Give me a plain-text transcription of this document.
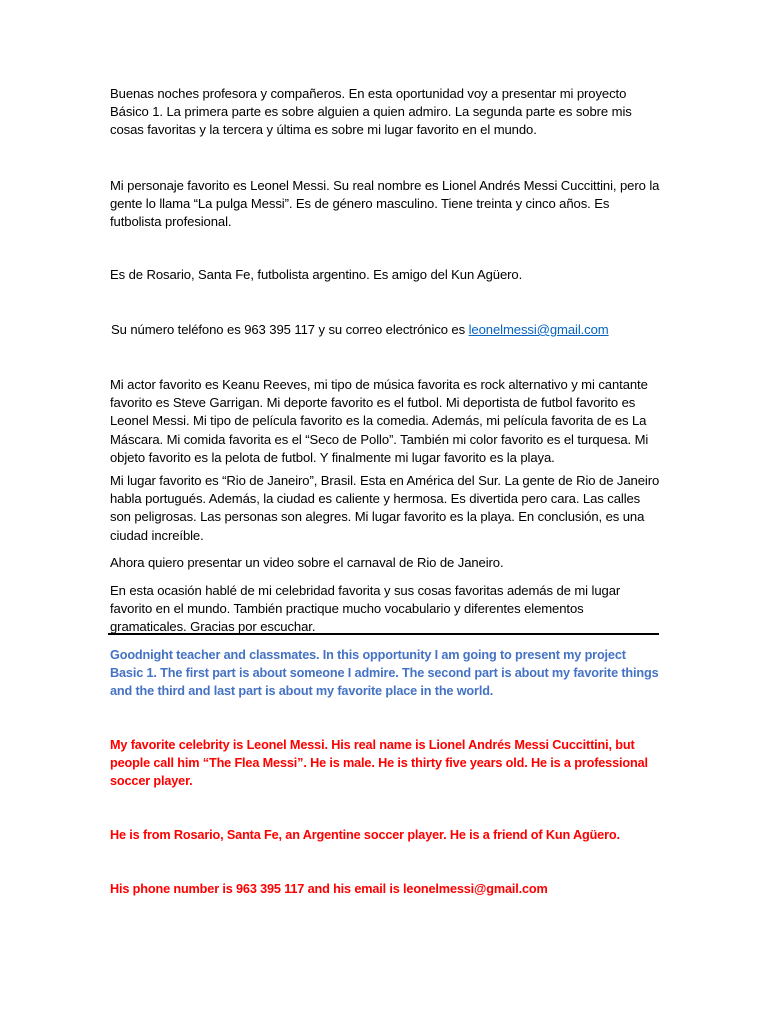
Buenas noches profesora y compañeros. En esta oportunidad voy a presentar mi proyecto Básico 1. La primera parte es sobre alguien a quien admiro. La segunda parte es sobre mis cosas favoritas y la tercera y última es sobre mi lugar favorito en el mundo.

Mi personaje favorito es Leonel Messi. Su real nombre es Lionel Andrés Messi Cuccittini, pero la gente lo llama “La pulga Messi”. Es de género masculino. Tiene treinta y cinco años. Es futbolista profesional.

Es de Rosario, Santa Fe, futbolista argentino. Es amigo del Kun Agüero.

Su número teléfono es 963 395 117 y su correo electrónico es leonelmessi@gmail.com

Mi actor favorito es Keanu Reeves, mi tipo de música favorita es rock alternativo y mi cantante favorito es Steve Garrigan. Mi deporte favorito es el futbol. Mi deportista de futbol favorito es Leonel Messi. Mi tipo de película favorito es la comedia. Además, mi película favorita de es La Máscara. Mi comida favorita es el “Seco de Pollo”. También mi color favorito es el turquesa. Mi objeto favorito es la pelota de futbol. Y finalmente mi lugar favorito es la playa.

Mi lugar favorito es “Rio de Janeiro”, Brasil. Esta en América del Sur. La gente de Rio de Janeiro habla portugués. Además, la ciudad es caliente y hermosa. Es divertida pero cara. Las calles son peligrosas. Las personas son alegres. Mi lugar favorito es la playa. En conclusión, es una ciudad increíble.

Ahora quiero presentar un video sobre el carnaval de Rio de Janeiro.

En esta ocasión hablé de mi celebridad favorita y sus cosas favoritas además de mi lugar favorito en el mundo. También practique mucho vocabulario y diferentes elementos gramaticales. Gracias por escuchar.

Goodnight teacher and classmates. In this opportunity I am going to present my project Basic 1. The first part is about someone I admire. The second part is about my favorite things and the third and last part is about my favorite place in the world.

My favorite celebrity is Leonel Messi. His real name is Lionel Andrés Messi Cuccittini, but people call him “The Flea Messi”. He is male. He is thirty five years old. He is a professional soccer player.

He is from Rosario, Santa Fe, an Argentine soccer player. He is a friend of Kun Agüero.

His phone number is 963 395 117 and his email is leonelmessi@gmail.com
